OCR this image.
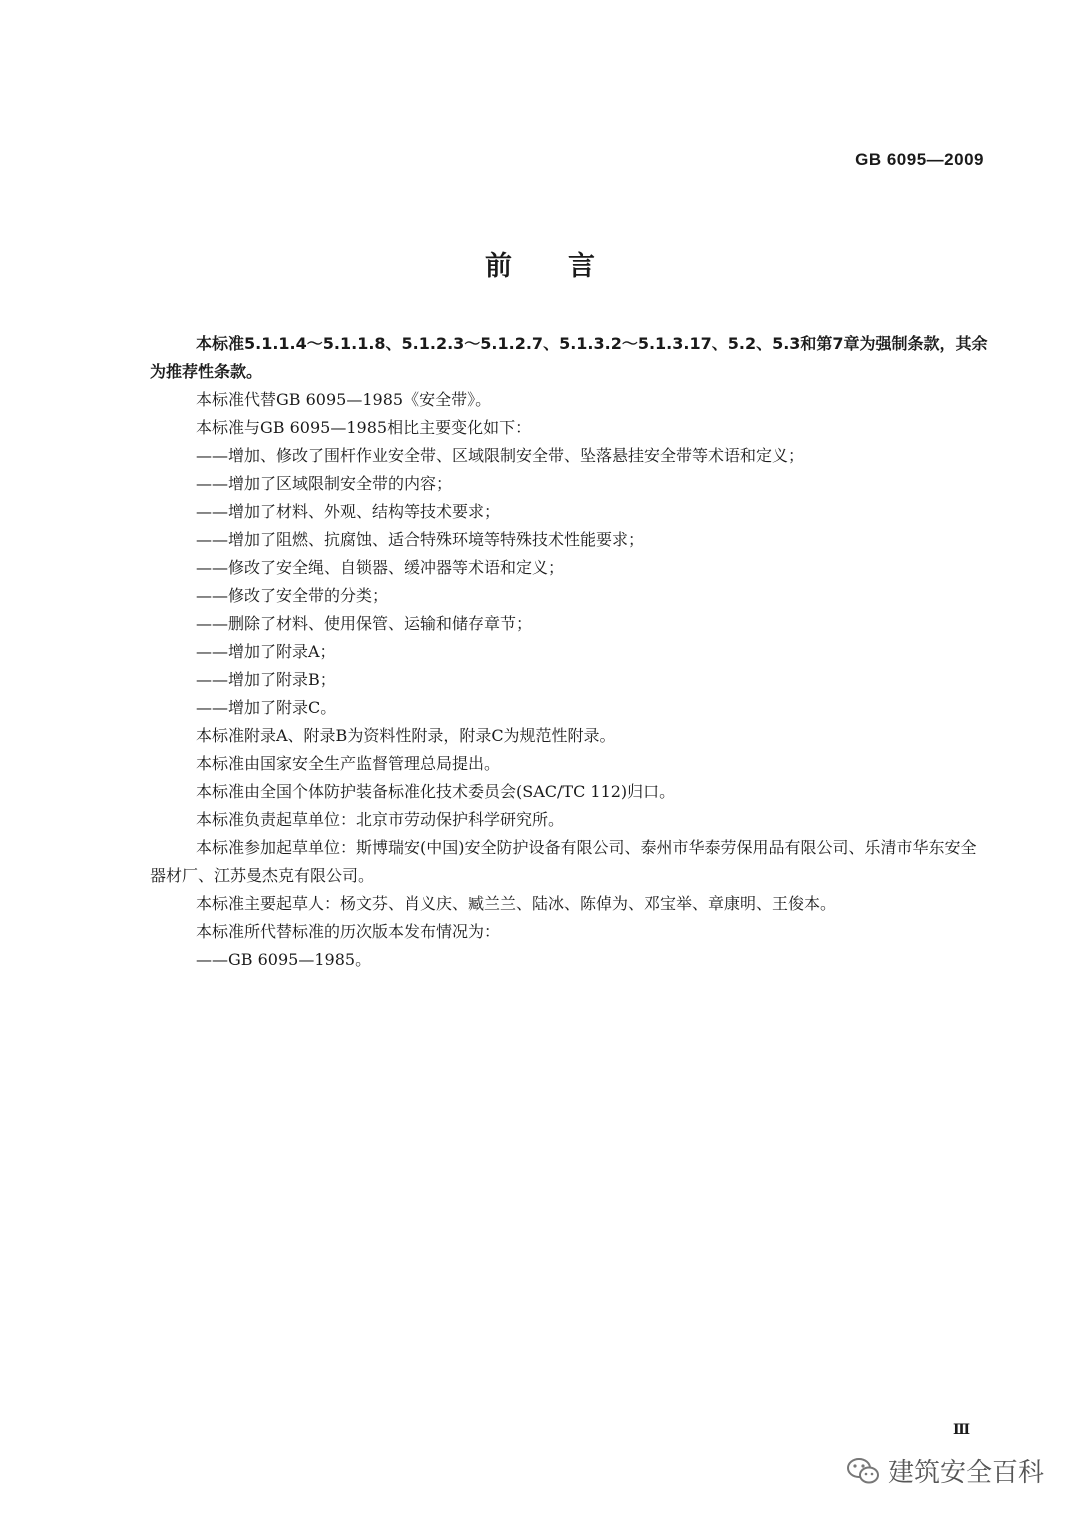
GB 6095—2009
前 言

本标准5.1.1.4～5.1.1.8、5.1.2.3～5.1.2.7、5.1.3.2～5.1.3.17、5.2、5.3和第7章为强制条款，其余为推荐性条款。

本标准代替GB 6095—1985《安全带》。

本标准与GB 6095—1985相比主要变化如下：

——增加、修改了围杆作业安全带、区域限制安全带、坠落悬挂安全带等术语和定义；

——增加了区域限制安全带的内容；

——增加了材料、外观、结构等技术要求；

——增加了阻燃、抗腐蚀、适合特殊环境等特殊技术性能要求；

——修改了安全绳、自锁器、缓冲器等术语和定义；

——修改了安全带的分类；

——删除了材料、使用保管、运输和储存章节；

——增加了附录A；

——增加了附录B；

——增加了附录C。

本标准附录A、附录B为资料性附录，附录C为规范性附录。

本标准由国家安全生产监督管理总局提出。

本标准由全国个体防护装备标准化技术委员会(SAC/TC 112)归口。

本标准负责起草单位：北京市劳动保护科学研究所。

本标准参加起草单位：斯博瑞安(中国)安全防护设备有限公司、泰州市华泰劳保用品有限公司、乐清市华东安全器材厂、江苏曼杰克有限公司。

本标准主要起草人：杨文芬、肖义庆、臧兰兰、陆冰、陈倬为、邓宝举、章康明、王俊本。

本标准所代替标准的历次版本发布情况为：

——GB 6095—1985。

Ⅲ
建筑安全百科
